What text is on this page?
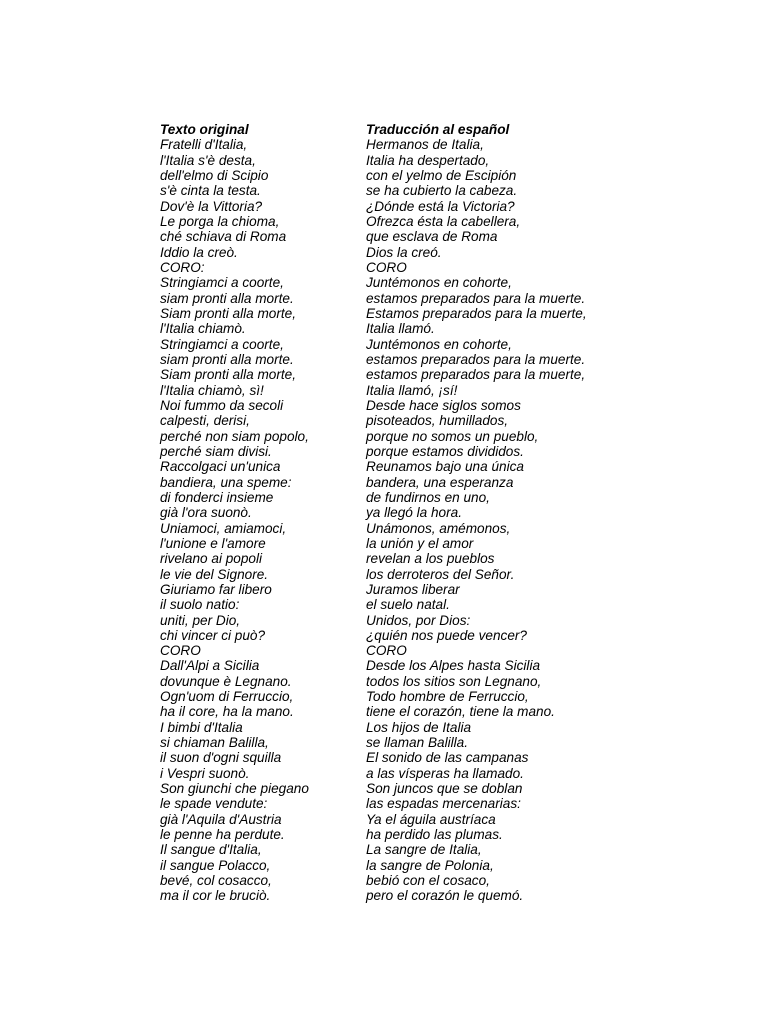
Texto original
Fratelli d'Italia,
l'Italia s'è desta,
dell'elmo di Scipio
s'è cinta la testa.
Dov'è la Vittoria?
Le porga la chioma,
ché schiava di Roma
Iddio la creò.
CORO:
Stringiamci a coorte,
siam pronti alla morte.
Siam pronti alla morte,
l'Italia chiamò.
Stringiamci a coorte,
siam pronti alla morte.
Siam pronti alla morte,
l'Italia chiamò, sì!
Noi fummo da secoli
calpesti, derisi,
perché non siam popolo,
perché siam divisi.
Raccolgaci un'unica
bandiera, una speme:
di fonderci insieme
già l'ora suonò.
Uniamoci, amiamoci,
l'unione e l'amore
rivelano ai popoli
le vie del Signore.
Giuriamo far libero
il suolo natio:
uniti, per Dio,
chi vincer ci può?
CORO
Dall'Alpi a Sicilia
dovunque è Legnano.
Ogn'uom di Ferruccio,
ha il core, ha la mano.
I bimbi d'Italia
si chiaman Balilla,
il suon d'ogni squilla
i Vespri suonò.
Son giunchi che piegano
le spade vendute:
già l'Aquila d'Austria
le penne ha perdute.
Il sangue d'Italia,
il sangue Polacco,
bevé, col cosacco,
ma il cor le bruciò.
Traducción al español
Hermanos de Italia,
Italia ha despertado,
con el yelmo de Escipión
se ha cubierto la cabeza.
¿Dónde está la Victoria?
Ofrezca ésta la cabellera,
que esclava de Roma
Dios la creó.
CORO
Juntémonos en cohorte,
estamos preparados para la muerte.
Estamos preparados para la muerte,
Italia llamó.
Juntémonos en cohorte,
estamos preparados para la muerte.
estamos preparados para la muerte,
Italia llamó, ¡sí!
Desde hace siglos somos
pisoteados, humillados,
porque no somos un pueblo,
porque estamos divididos.
Reunamos bajo una única
bandera, una esperanza
de fundirnos en uno,
ya llegó la hora.
Unámonos, amémonos,
la unión y el amor
revelan a los pueblos
los derroteros del Señor.
Juramos liberar
el suelo natal.
Unidos, por Dios:
¿quién nos puede vencer?
CORO
Desde los Alpes hasta Sicilia
todos los sitios son Legnano,
Todo hombre de Ferruccio,
tiene el corazón, tiene la mano.
Los hijos de Italia
se llaman Balilla.
El sonido de las campanas
a las vísperas ha llamado.
Son juncos que se doblan
las espadas mercenarias:
Ya el águila austríaca
ha perdido las plumas.
La sangre de Italia,
la sangre de Polonia,
bebió con el cosaco,
pero el corazón le quemó.
